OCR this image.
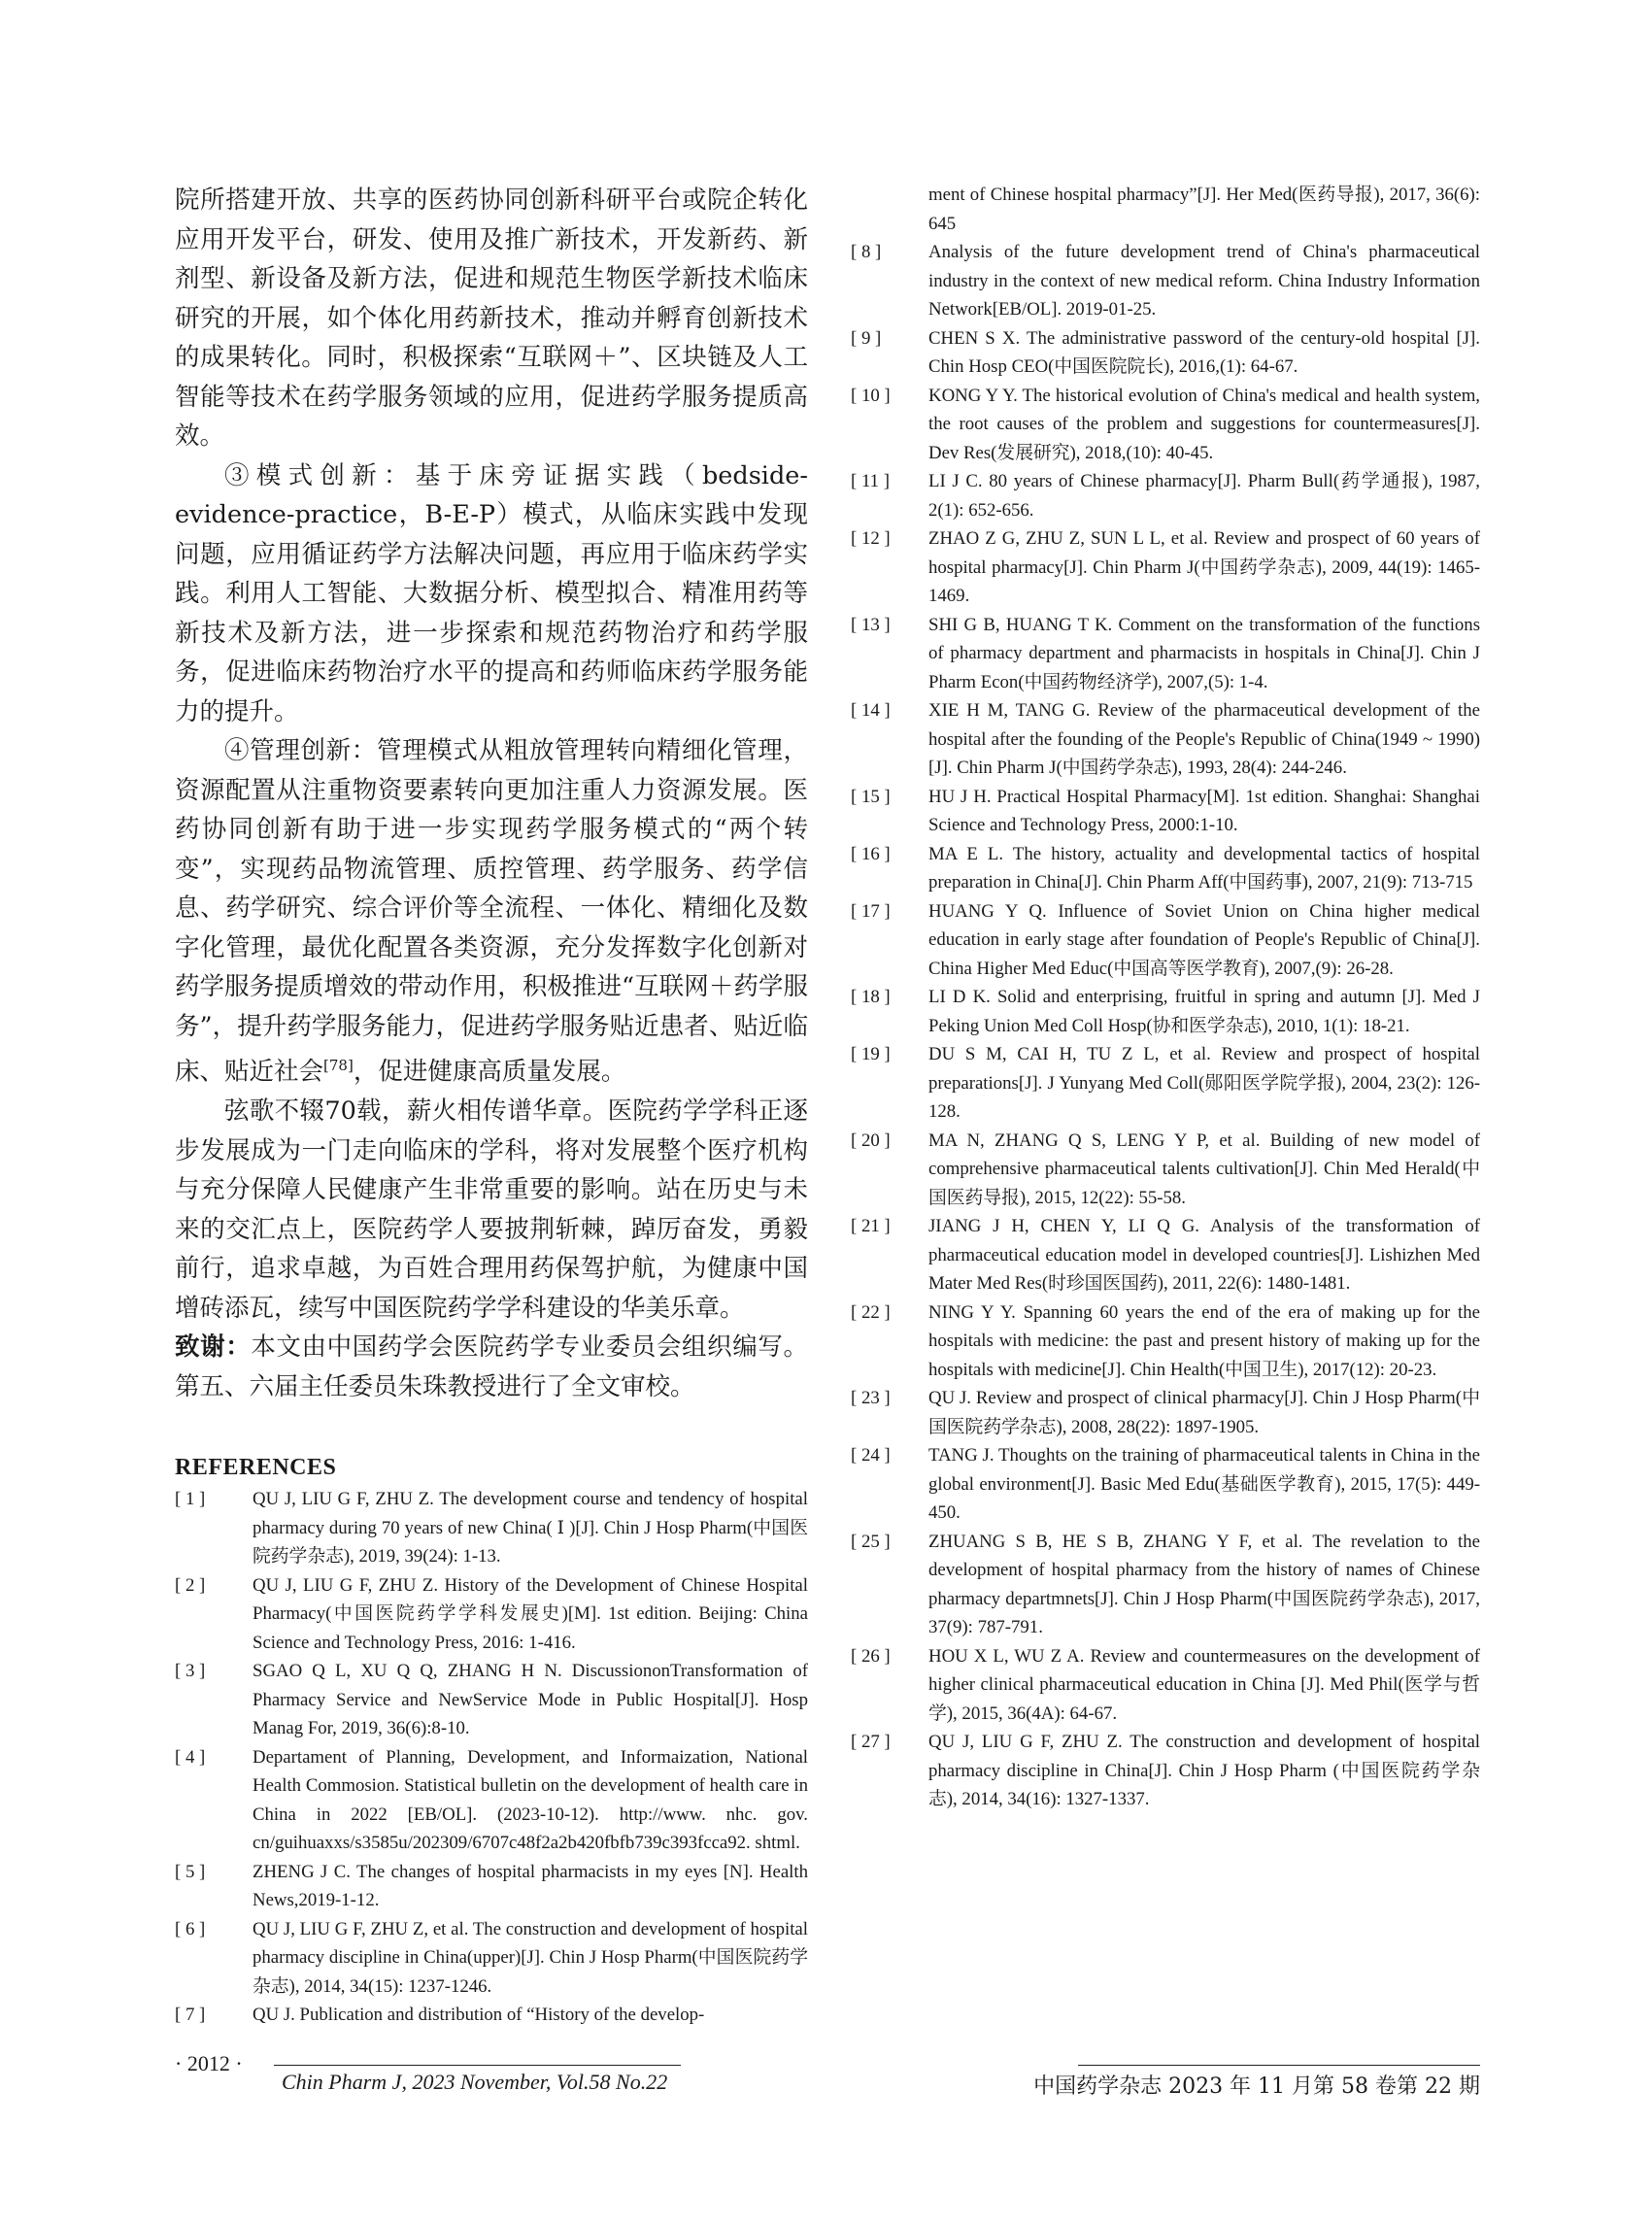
院所搭建开放、共享的医药协同创新科研平台或院企转化应用开发平台，研发、使用及推广新技术，开发新药、新剂型、新设备及新方法，促进和规范生物医学新技术临床研究的开展，如个体化用药新技术，推动并孵育创新技术的成果转化。同时，积极探索“互联网＋”、区块链及人工智能等技术在药学服务领域的应用，促进药学服务提质高效。

③模式创新：基于床旁证据实践（bedside-evidence-practice，B-E-P）模式，从临床实践中发现问题，应用循证药学方法解决问题，再应用于临床药学实践。利用人工智能、大数据分析、模型拟合、精准用药等新技术及新方法，进一步探索和规范药物治疗和药学服务，促进临床药物治疗水平的提高和药师临床药学服务能力的提升。

④管理创新：管理模式从粗放管理转向精细化管理，资源配置从注重物资要素转向更加注重人力资源发展。医药协同创新有助于进一步实现药学服务模式的“两个转变”，实现药品物流管理、质控管理、药学服务、药学信息、药学研究、综合评价等全流程、一体化、精细化及数字化管理，最优化配置各类资源，充分发挥数字化创新对药学服务提质增效的带动作用，积极推进“互联网＋药学服务”，提升药学服务能力，促进药学服务贴近患者、贴近临床、贴近社会[78]，促进健康高质量发展。

弦歌不辍70载，薪火相传谱华章。医院药学学科正逐步发展成为一门走向临床的学科，将对发展整个医疗机构与充分保障人民健康产生非常重要的影响。站在历史与未来的交汇点上，医院药学人要披荆斩棘，踔厉奋发，勇毅前行，追求卓越，为百姓合理用药保驾护航，为健康中国增砖添瓦，续写中国医院药学学科建设的华美乐章。

致谢：本文由中国药学会医院药学专业委员会组织编写。第五、六届主任委员朱珠教授进行了全文审校。

REFERENCES
[ 1 ]	QU J, LIU G F, ZHU Z. The development course and tendency of hospital pharmacy during 70 years of new China( Ⅰ )[J]. Chin J Hosp Pharm(中国医院药学杂志), 2019, 39(24): 1-13.
[ 2 ]	QU J, LIU G F, ZHU Z. History of the Development of Chinese Hospital Pharmacy(中国医院药学学科发展史)[M]. 1st edition. Beijing: China Science and Technology Press, 2016: 1-416.
[ 3 ]	SGAO Q L, XU Q Q, ZHANG H N. DiscussiononTransformation of Pharmacy Service and NewService Mode in Public Hospital[J]. Hosp Manag For, 2019, 36(6):8-10.
[ 4 ]	Departament of Planning, Development, and Informaization, National Health Commosion. Statistical bulletin on the development of health care in China in 2022 [EB/OL]. (2023-10-12). http://www. nhc. gov. cn/guihuaxxs/s3585u/202309/6707c48f2a2b420fbfb739c393fcca92. shtml.
[ 5 ]	ZHENG J C. The changes of hospital pharmacists in my eyes [N]. Health News,2019-1-12.
[ 6 ]	QU J, LIU G F, ZHU Z, et al. The construction and development of hospital pharmacy discipline in China(upper)[J]. Chin J Hosp Pharm(中国医院药学杂志), 2014, 34(15): 1237-1246.
[ 7 ]	QU J. Publication and distribution of “History of the develop-
ment of Chinese hospital pharmacy”[J]. Her Med(医药导报), 2017, 36(6): 645
[ 8 ]	Analysis of the future development trend of China's pharmaceutical industry in the context of new medical reform. China Industry Information Network[EB/OL]. 2019-01-25.
[ 9 ]	CHEN S X. The administrative password of the century-old hospital [J]. Chin Hosp CEO(中国医院院长), 2016,(1): 64-67.
[ 10 ]	KONG Y Y. The historical evolution of China's medical and health system, the root causes of the problem and suggestions for countermeasures[J]. Dev Res(发展研究), 2018,(10): 40-45.
[ 11 ]	LI J C. 80 years of Chinese pharmacy[J]. Pharm Bull(药学通报), 1987, 2(1): 652-656.
[ 12 ]	ZHAO Z G, ZHU Z, SUN L L, et al. Review and prospect of 60 years of hospital pharmacy[J]. Chin Pharm J(中国药学杂志), 2009, 44(19): 1465-1469.
[ 13 ]	SHI G B, HUANG T K. Comment on the transformation of the functions of pharmacy department and pharmacists in hospitals in China[J]. Chin J Pharm Econ(中国药物经济学), 2007,(5): 1-4.
[ 14 ]	XIE H M, TANG G. Review of the pharmaceutical development of the hospital after the founding of the People's Republic of China(1949 ~ 1990)[J]. Chin Pharm J(中国药学杂志), 1993, 28(4): 244-246.
[ 15 ]	HU J H. Practical Hospital Pharmacy[M]. 1st edition. Shanghai: Shanghai Science and Technology Press, 2000:1-10.
[ 16 ]	MA E L. The history, actuality and developmental tactics of hospital preparation in China[J]. Chin Pharm Aff(中国药事), 2007, 21(9): 713-715
[ 17 ]	HUANG Y Q. Influence of Soviet Union on China higher medical education in early stage after foundation of People's Republic of China[J]. China Higher Med Educ(中国高等医学教育), 2007,(9): 26-28.
[ 18 ]	LI D K. Solid and enterprising, fruitful in spring and autumn [J]. Med J Peking Union Med Coll Hosp(协和医学杂志), 2010, 1(1): 18-21.
[ 19 ]	DU S M, CAI H, TU Z L, et al. Review and prospect of hospital preparations[J]. J Yunyang Med Coll(郧阳医学院学报), 2004, 23(2): 126-128.
[ 20 ]	MA N, ZHANG Q S, LENG Y P, et al. Building of new model of comprehensive pharmaceutical talents cultivation[J]. Chin Med Herald(中国医药导报), 2015, 12(22): 55-58.
[ 21 ]	JIANG J H, CHEN Y, LI Q G. Analysis of the transformation of pharmaceutical education model in developed countries[J]. Lishizhen Med Mater Med Res(时珍国医国药), 2011, 22(6): 1480-1481.
[ 22 ]	NING Y Y. Spanning 60 years the end of the era of making up for the hospitals with medicine: the past and present history of making up for the hospitals with medicine[J]. Chin Health(中国卫生), 2017(12): 20-23.
[ 23 ]	QU J. Review and prospect of clinical pharmacy[J]. Chin J Hosp Pharm(中国医院药学杂志), 2008, 28(22): 1897-1905.
[ 24 ]	TANG J. Thoughts on the training of pharmaceutical talents in China in the global environment[J]. Basic Med Edu(基础医学教育), 2015, 17(5): 449-450.
[ 25 ]	ZHUANG S B, HE S B, ZHANG Y F, et al. The revelation to the development of hospital pharmacy from the history of names of Chinese pharmacy departmnets[J]. Chin J Hosp Pharm(中国医院药学杂志), 2017, 37(9): 787-791.
[ 26 ]	HOU X L, WU Z A. Review and countermeasures on the development of higher clinical pharmaceutical education in China [J]. Med Phil(医学与哲学), 2015, 36(4A): 64-67.
[ 27 ]	QU J, LIU G F, ZHU Z. The construction and development of hospital pharmacy discipline in China[J]. Chin J Hosp Pharm (中国医院药学杂志), 2014, 34(16): 1327-1337.
· 2012 ·
Chin Pharm J, 2023 November, Vol.58 No.22	中国药学杂志 2023 年 11 月第 58 卷第 22 期
